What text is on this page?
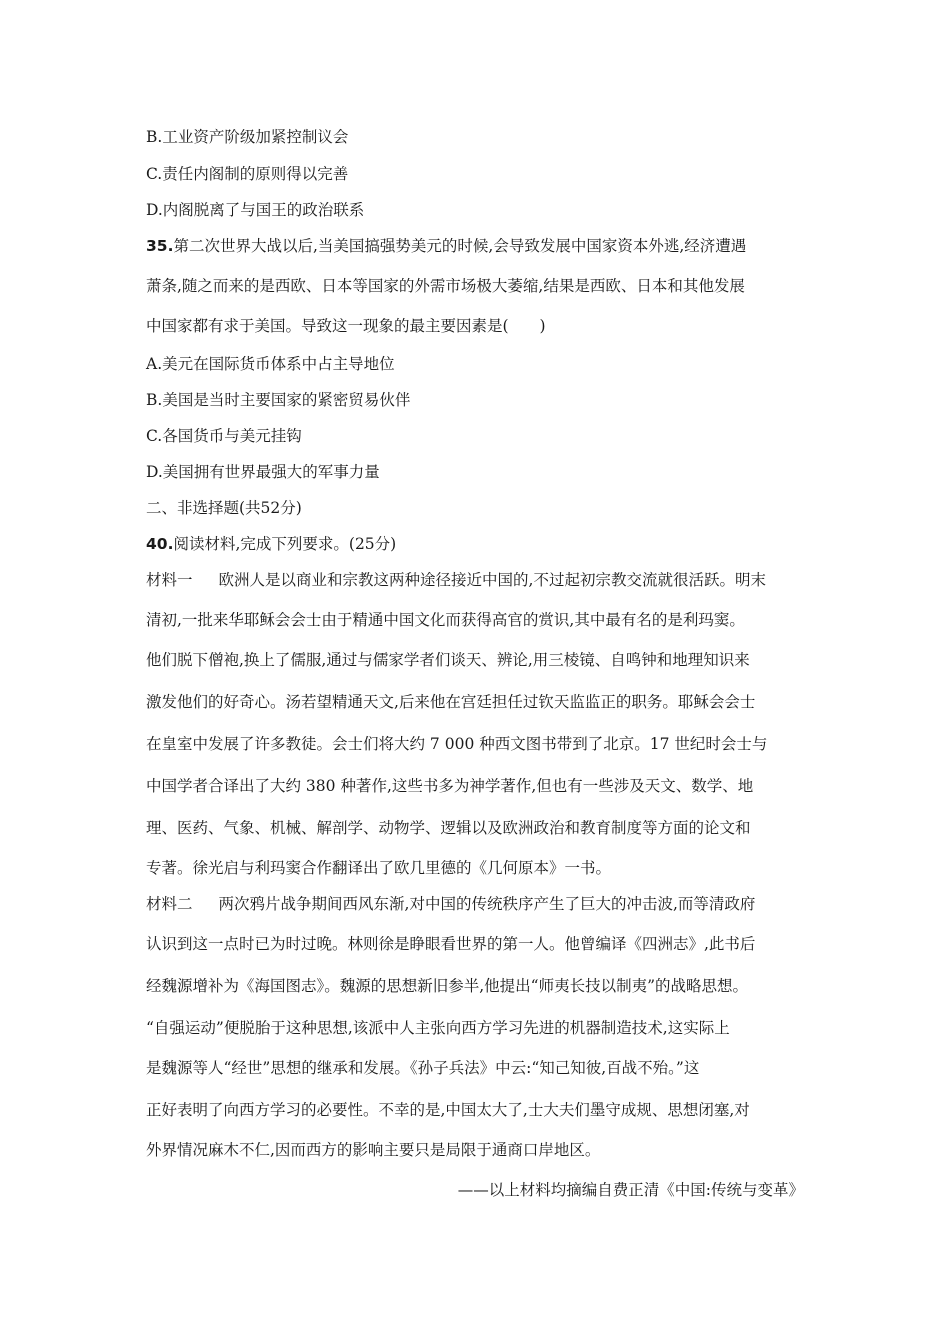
B.工业资产阶级加紧控制议会
C.责任内阁制的原则得以完善
D.内阁脱离了与国王的政治联系
35.第二次世界大战以后,当美国搞强势美元的时候,会导致发展中国家资本外逃,经济遭遇
萧条,随之而来的是西欧、日本等国家的外需市场极大萎缩,结果是西欧、日本和其他发展
中国家都有求于美国。导致这一现象的最主要因素是(　　)
A.美元在国际货币体系中占主导地位
B.美国是当时主要国家的紧密贸易伙伴
C.各国货币与美元挂钩
D.美国拥有世界最强大的军事力量
二、非选择题(共52分)
40.阅读材料,完成下列要求。(25分)
材料一 欧洲人是以商业和宗教这两种途径接近中国的,不过起初宗教交流就很活跃。明末
清初,一批来华耶稣会会士由于精通中国文化而获得高官的赏识,其中最有名的是利玛窦。
他们脱下僧袍,换上了儒服,通过与儒家学者们谈天、辨论,用三棱镜、自鸣钟和地理知识来
激发他们的好奇心。汤若望精通天文,后来他在宫廷担任过钦天监监正的职务。耶稣会会士
在皇室中发展了许多教徒。会士们将大约 7 000 种西文图书带到了北京。17 世纪时会士与
中国学者合译出了大约 380 种著作,这些书多为神学著作,但也有一些涉及天文、数学、地
理、医药、气象、机械、解剖学、动物学、逻辑以及欧洲政治和教育制度等方面的论文和
专著。徐光启与利玛窦合作翻译出了欧几里德的《几何原本》一书。
材料二 两次鸦片战争期间西风东渐,对中国的传统秩序产生了巨大的冲击波,而等清政府
认识到这一点时已为时过晚。林则徐是睁眼看世界的第一人。他曾编译《四洲志》,此书后
经魏源增补为《海国图志》。魏源的思想新旧参半,他提出“师夷长技以制夷”的战略思想。
“自强运动”便脱胎于这种思想,该派中人主张向西方学习先进的机器制造技术,这实际上
是魏源等人“经世”思想的继承和发展。《孙子兵法》中云:“知己知彼,百战不殆。”这
正好表明了向西方学习的必要性。不幸的是,中国太大了,士大夫们墨守成规、思想闭塞,对
外界情况麻木不仁,因而西方的影响主要只是局限于通商口岸地区。
——以上材料均摘编自费正清《中国:传统与变革》
